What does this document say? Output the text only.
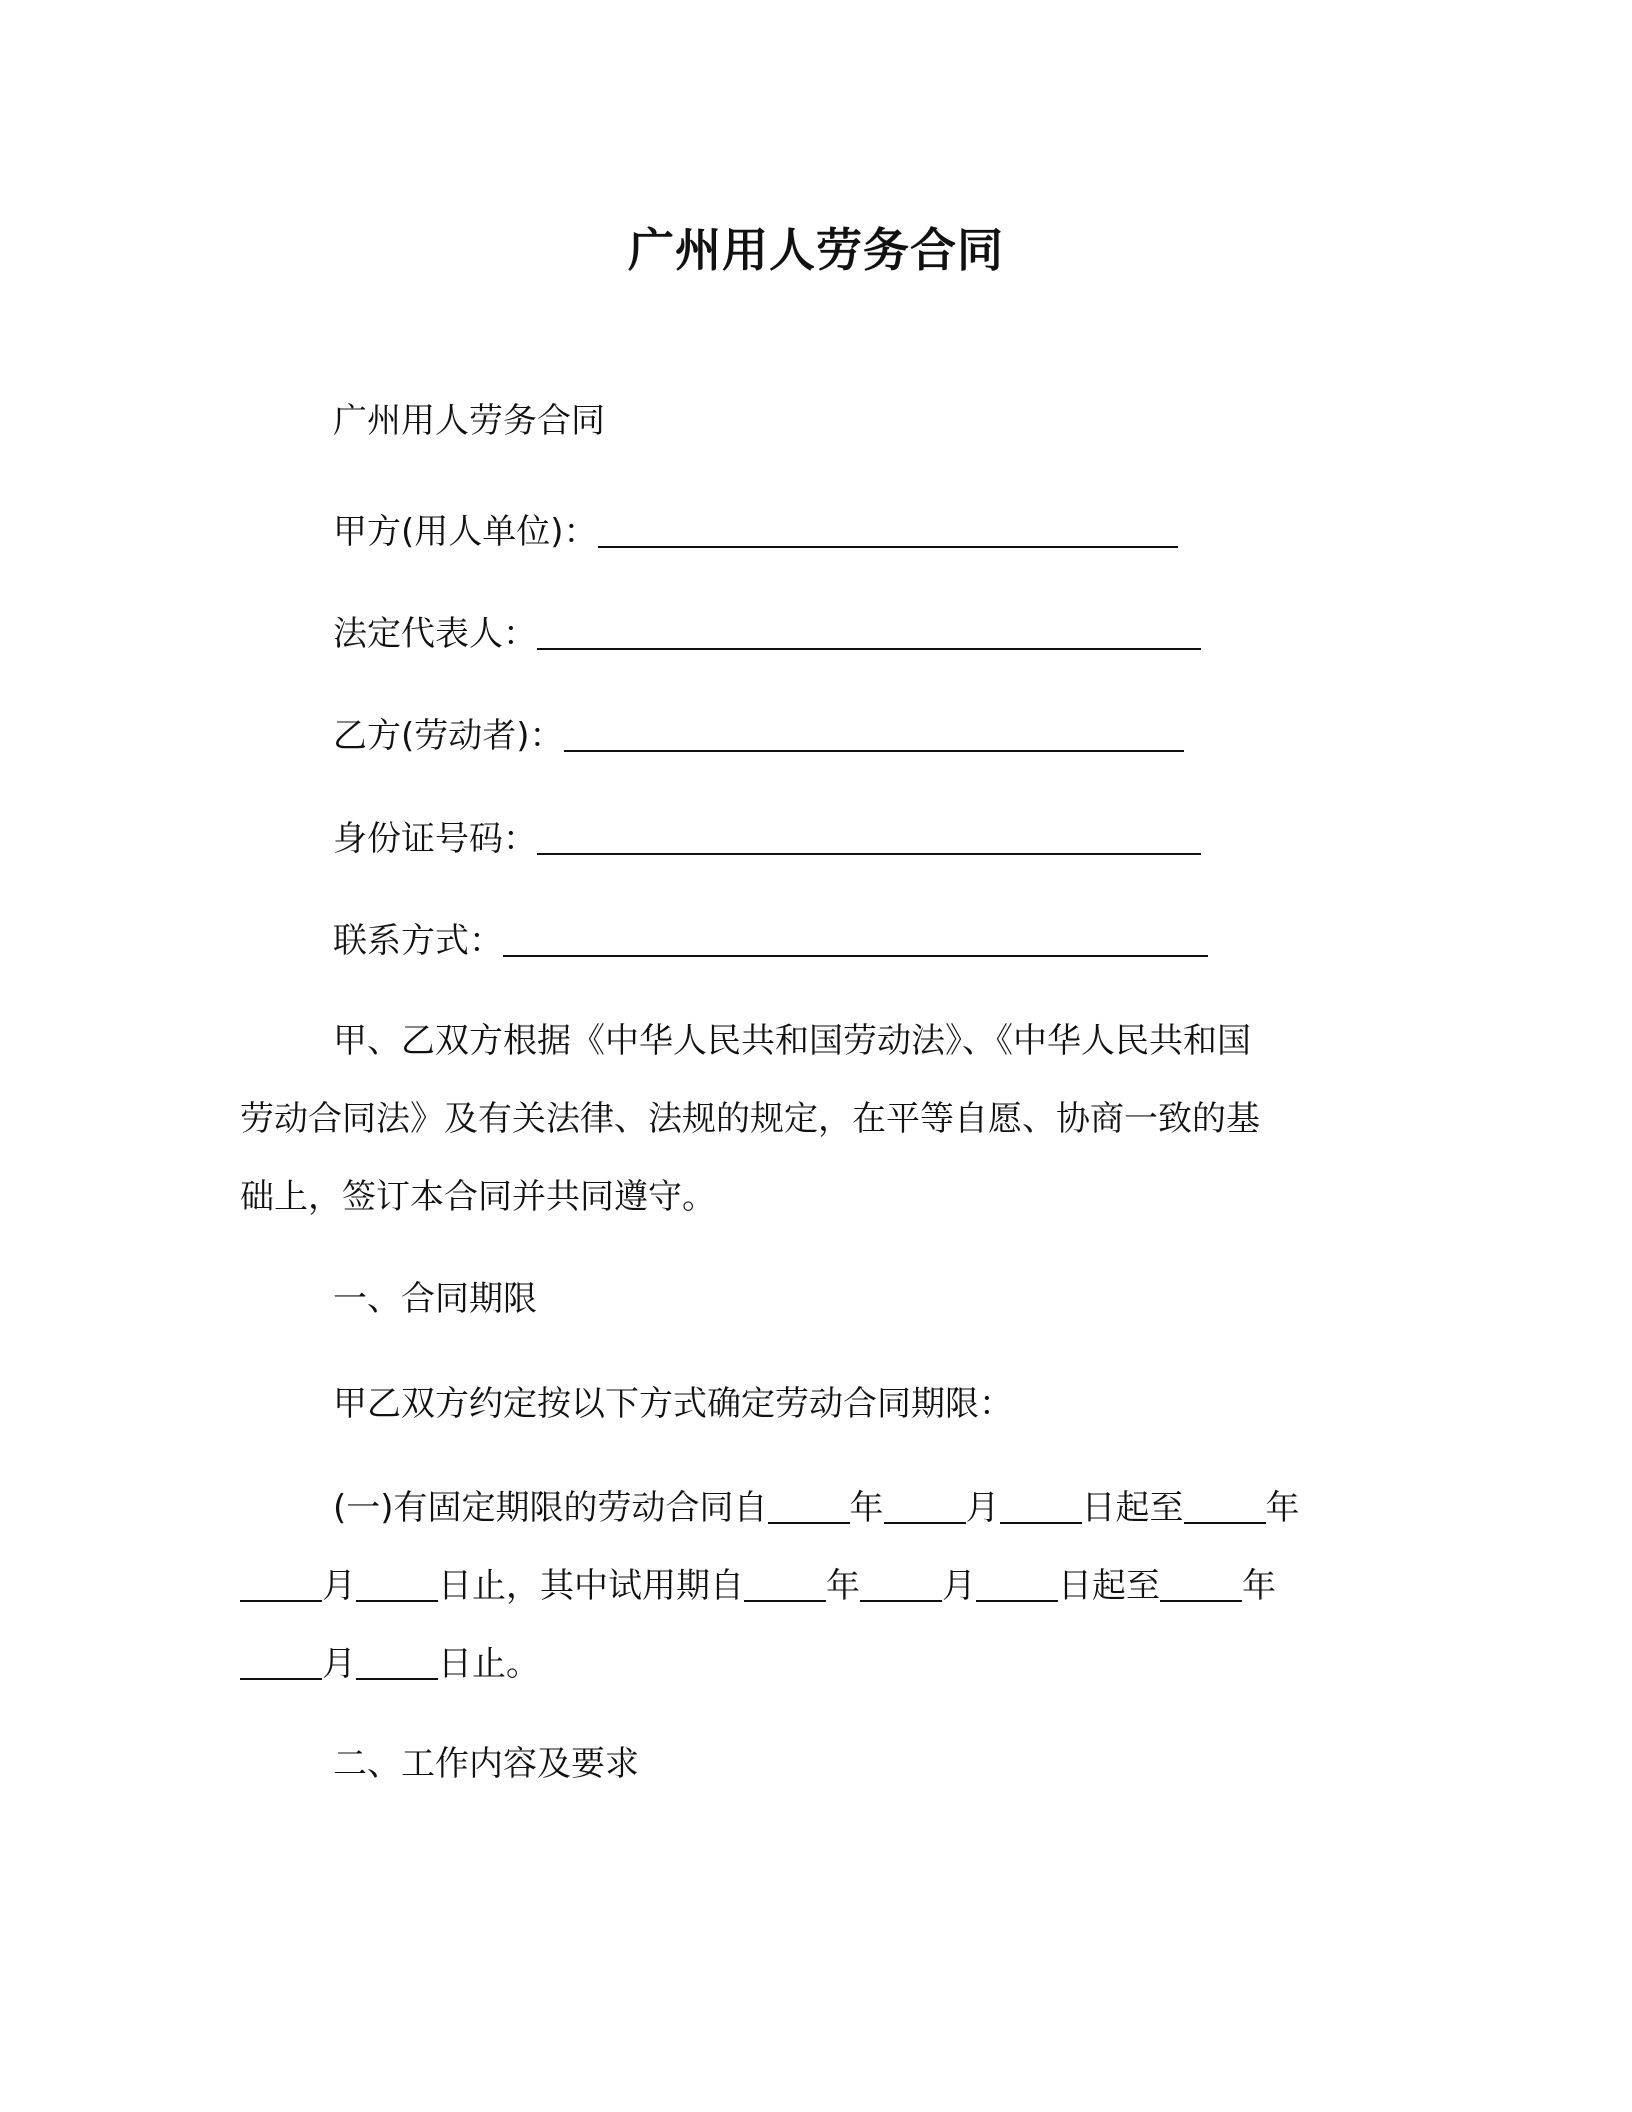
广州用人劳务合同
广州用人劳务合同
甲方(用人单位)：
法定代表人：
乙方(劳动者)：
身份证号码：
联系方式：
甲、乙双方根据《中华人民共和国劳动法》、《中华人民共和国
劳动合同法》及有关法律、法规的规定，在平等自愿、协商一致的基
础上，签订本合同并共同遵守。
一、合同期限
甲乙双方约定按以下方式确定劳动合同期限：
(一)有固定期限的劳动合同自 年 月 日起至 年
月 日止，其中试用期自 年 月 日起至 年
月 日止。
二、工作内容及要求
